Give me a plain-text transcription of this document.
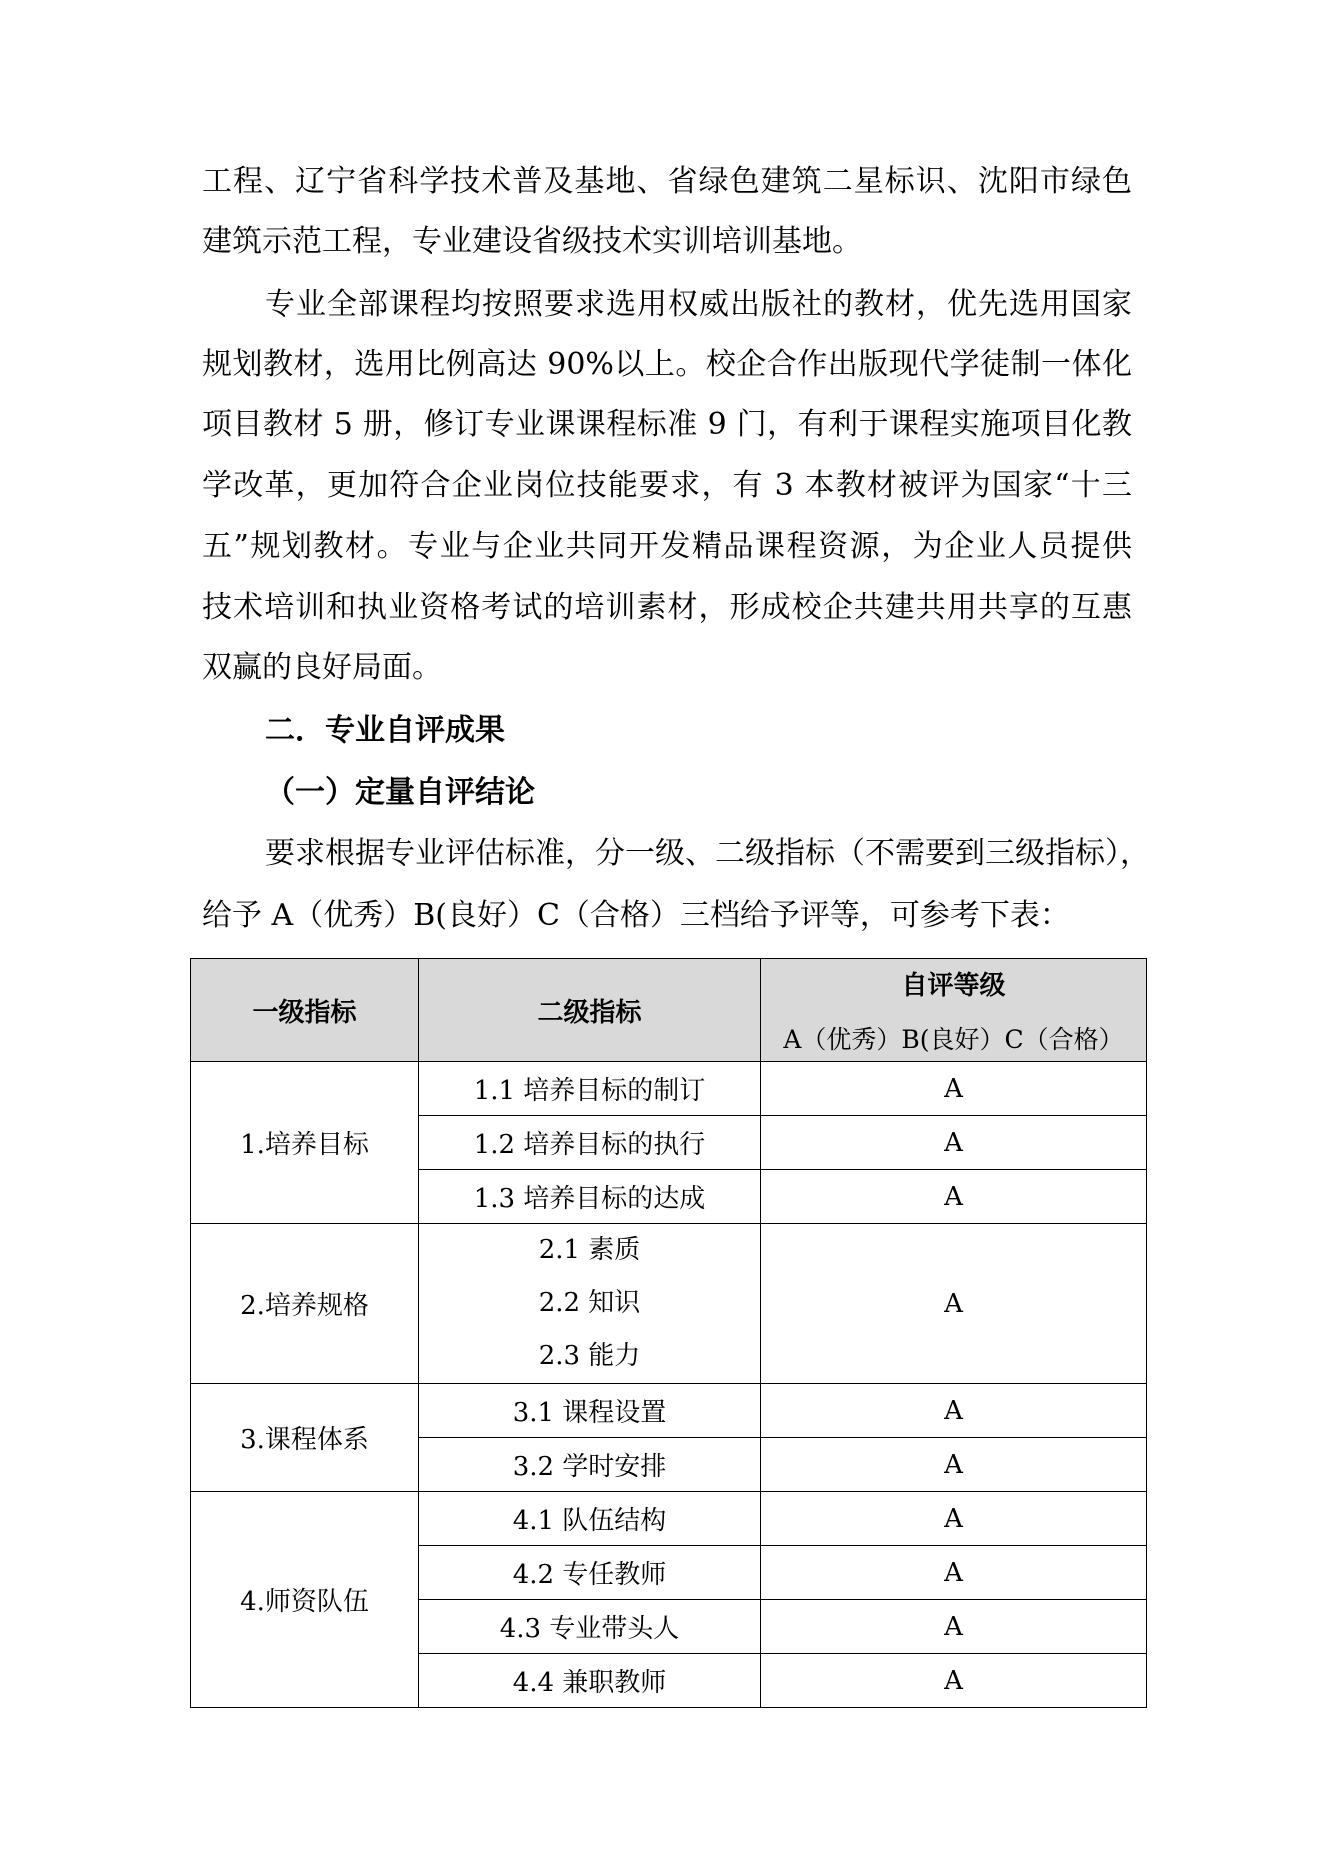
工程、辽宁省科学技术普及基地、省绿色建筑二星标识、沈阳市绿色
建筑示范工程，专业建设省级技术实训培训基地。
专业全部课程均按照要求选用权威出版社的教材，优先选用国家
规划教材，选用比例高达 90%以上。校企合作出版现代学徒制一体化
项目教材 5 册，修订专业课课程标准 9 门，有利于课程实施项目化教
学改革，更加符合企业岗位技能要求，有 3 本教材被评为国家“十三
五”规划教材。专业与企业共同开发精品课程资源，为企业人员提供
技术培训和执业资格考试的培训素材，形成校企共建共用共享的互惠
双赢的良好局面。
二．专业自评成果
（一）定量自评结论
要求根据专业评估标准，分一级、二级指标（不需要到三级指标），
给予 A（优秀）B(良好）C（合格）三档给予评等，可参考下表：
一级指标	二级指标	自评等级
A（优秀）B(良好）C（合格）

1.培养目标	1.1 培养目标的制订	A
	1.2 培养目标的执行	A
	1.3 培养目标的达成	A
2.培养规格	2.1 素质
2.2 知识
2.3 能力	A
3.课程体系	3.1 课程设置	A
	3.2 学时安排	A
4.师资队伍	4.1 队伍结构	A
	4.2 专任教师	A
	4.3 专业带头人	A
	4.4 兼职教师	A
